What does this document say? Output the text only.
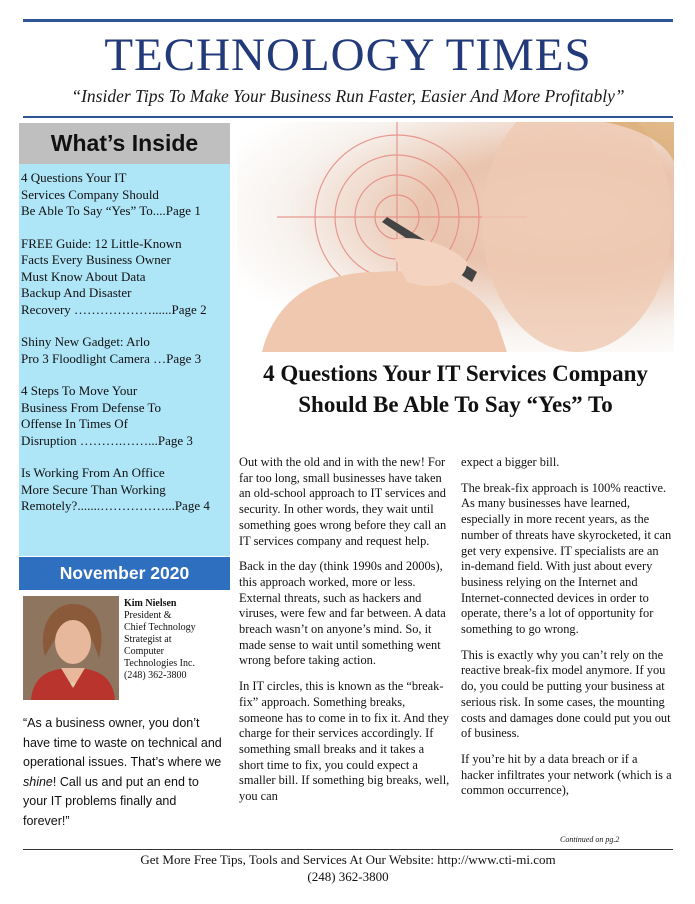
TECHNOLOGY TIMES
“Insider Tips To Make Your Business Run Faster, Easier And More Profitably”
What’s Inside
4 Questions Your IT
Services Company Should
Be Able To Say “Yes” To....Page 1
FREE Guide: 12 Little-Known
Facts Every Business Owner
Must Know About Data
Backup And Disaster
Recovery ………………......Page 2
Shiny New Gadget: Arlo
Pro 3 Floodlight Camera …Page 3
4 Steps To Move Your
Business From Defense To
Offense In Times Of
Disruption ……….……...Page 3
Is Working From An Office
More Secure Than Working
Remotely?.......……………...Page 4
November 2020
Kim Nielsen
President &
Chief Technology
Strategist at
Computer
Technologies Inc.
(248) 362-3800
“As a business owner, you don’t have time to waste on technical and operational issues. That’s where we shine! Call us and put an end to your IT problems finally and forever!”
4 Questions Your IT Services Company Should Be Able To Say “Yes” To

Out with the old and in with the new! For far too long, small businesses have taken an old-school approach to IT services and security. In other words, they wait until something goes wrong before they call an IT services company and request help.

Back in the day (think 1990s and 2000s), this approach worked, more or less. External threats, such as hackers and viruses, were few and far between. A data breach wasn’t on anyone’s mind. So, it made sense to wait until something went wrong before taking action.

In IT circles, this is known as the “break-fix” approach. Something breaks, someone has to come in to fix it. And they charge for their services accordingly. If something small breaks and it takes a short time to fix, you could expect a smaller bill. If something big breaks, well, you can

expect a bigger bill.

The break-fix approach is 100% reactive. As many businesses have learned, especially in more recent years, as the number of threats have skyrocketed, it can get very expensive. IT specialists are an in-demand field. With just about every business relying on the Internet and Internet-connected devices in order to operate, there’s a lot of opportunity for something to go wrong.

This is exactly why you can’t rely on the reactive break-fix model anymore. If you do, you could be putting your business at serious risk. In some cases, the mounting costs and damages done could put you out of business.

If you’re hit by a data breach or if a hacker infiltrates your network (which is a common occurrence),

Continued on pg.2
Get More Free Tips, Tools and Services At Our Website: http://www.cti-mi.com
(248) 362-3800
